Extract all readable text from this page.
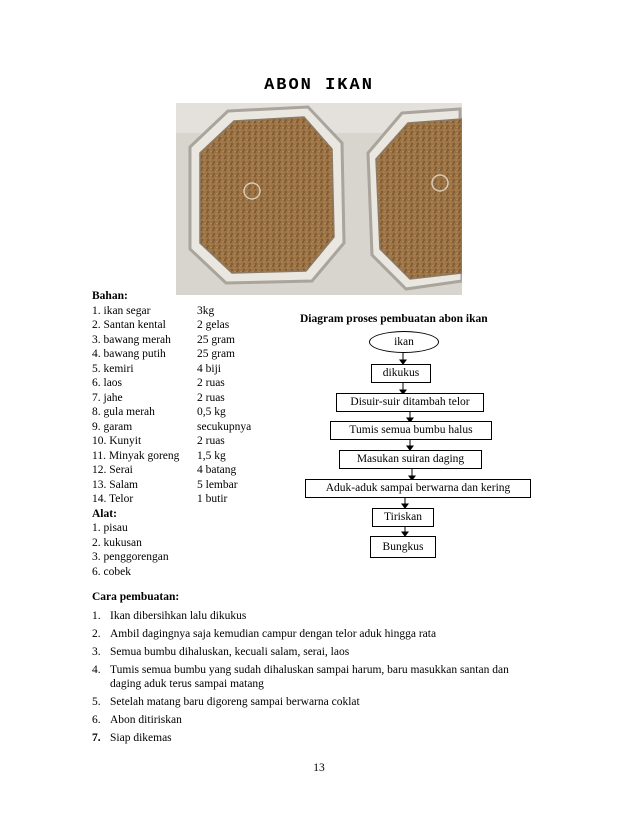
ABON IKAN
Bahan:
1. ikan segar	3kg
2. Santan kental	2 gelas
3. bawang merah 25 gram
4. bawang putih	25 gram
5. kemiri	4 biji
6. laos	2 ruas
7. jahe	2 ruas
8. gula merah	0,5 kg
9. garam	secukupnya
10. Kunyit	2 ruas
11. Minyak goreng 1,5 kg
12. Serai	4 batang
13. Salam	5 lembar
14. Telor	1 butir
Alat:
1. pisau
2. kukusan
3. penggorengan
6. cobek
Diagram proses pembuatan abon ikan
ikan
dikukus
Disuir-suir ditambah telor
Tumis semua bumbu halus
Masukan suiran daging
Aduk-aduk sampai berwarna dan kering
Tiriskan
Bungkus
Cara pembuatan:
1. Ikan dibersihkan lalu dikukus
2. Ambil dagingnya saja kemudian campur dengan telor aduk hingga rata
3. Semua bumbu dihaluskan, kecuali salam, serai, laos
4. Tumis semua bumbu yang sudah dihaluskan sampai harum, baru masukkan santan dan
daging aduk terus sampai matang
5. Setelah matang baru digoreng sampai berwarna coklat
6. Abon ditiriskan
7. Siap dikemas
13
